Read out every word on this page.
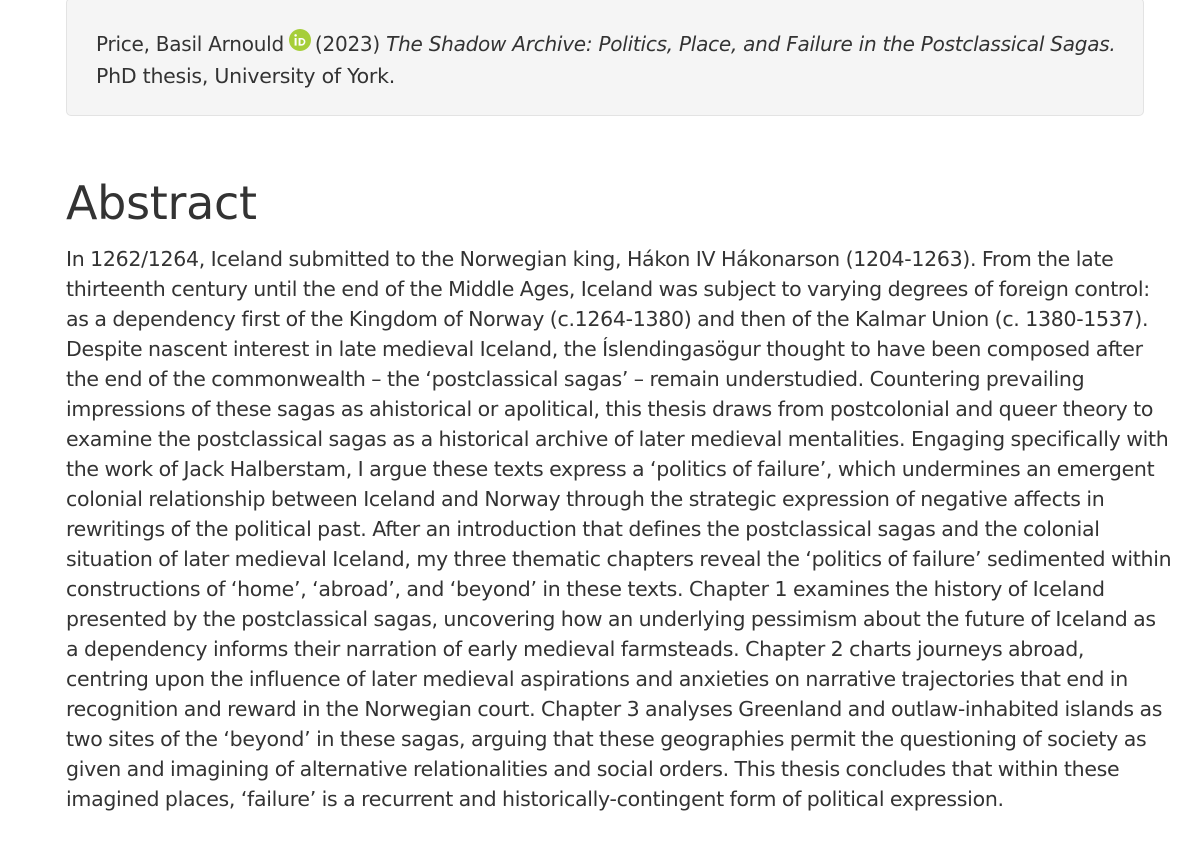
Price, Basil Arnould (2023) The Shadow Archive: Politics, Place, and Failure in the Postclassical Sagas.
PhD thesis, University of York.
Abstract
In 1262/1264, Iceland submitted to the Norwegian king, Hákon IV Hákonarson (1204-1263). From the late
thirteenth century until the end of the Middle Ages, Iceland was subject to varying degrees of foreign control:
as a dependency first of the Kingdom of Norway (c.1264-1380) and then of the Kalmar Union (c. 1380-1537).
Despite nascent interest in late medieval Iceland, the Íslendingasögur thought to have been composed after
the end of the commonwealth – the ‘postclassical sagas’ – remain understudied. Countering prevailing
impressions of these sagas as ahistorical or apolitical, this thesis draws from postcolonial and queer theory to
examine the postclassical sagas as a historical archive of later medieval mentalities. Engaging specifically with
the work of Jack Halberstam, I argue these texts express a ‘politics of failure’, which undermines an emergent
colonial relationship between Iceland and Norway through the strategic expression of negative affects in
rewritings of the political past. After an introduction that defines the postclassical sagas and the colonial
situation of later medieval Iceland, my three thematic chapters reveal the ‘politics of failure’ sedimented within
constructions of ‘home’, ‘abroad’, and ‘beyond’ in these texts. Chapter 1 examines the history of Iceland
presented by the postclassical sagas, uncovering how an underlying pessimism about the future of Iceland as
a dependency informs their narration of early medieval farmsteads. Chapter 2 charts journeys abroad,
centring upon the influence of later medieval aspirations and anxieties on narrative trajectories that end in
recognition and reward in the Norwegian court. Chapter 3 analyses Greenland and outlaw-inhabited islands as
two sites of the ‘beyond’ in these sagas, arguing that these geographies permit the questioning of society as
given and imagining of alternative relationalities and social orders. This thesis concludes that within these
imagined places, ‘failure’ is a recurrent and historically-contingent form of political expression.
